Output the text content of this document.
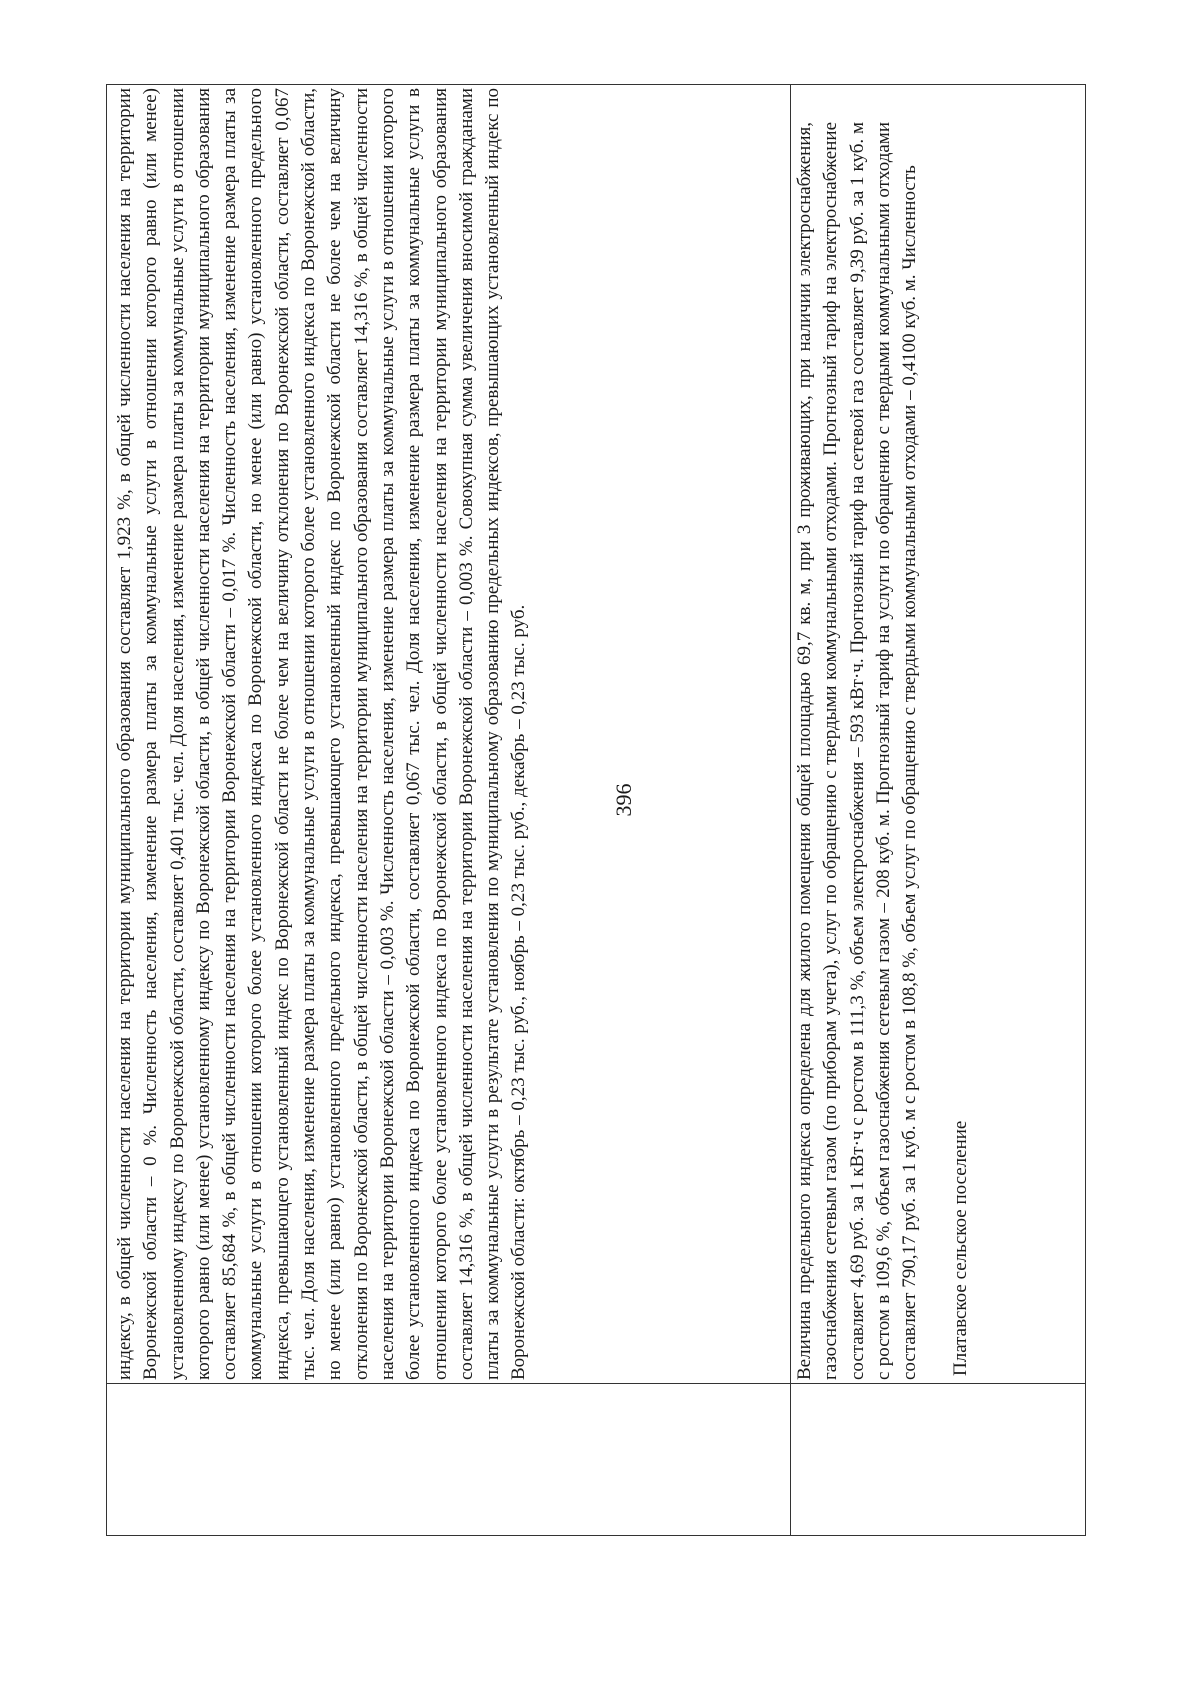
396

индексу, в общей численности населения на территории муниципального образования составляет 1,923 %, в общей численности населения на территории Воронежской области – 0 %. Численность населения, изменение размера платы за коммунальные услуги в отношении которого равно (или менее) установленному индексу по Воронежской области, составляет 0,401 тыс. чел. Доля населения, изменение размера платы за коммунальные услуги в отношении которого равно (или менее) установленному индексу по Воронежской области, в общей численности населения на территории муниципального образования составляет 85,684 %, в общей численности населения на территории Воронежской области – 0,017 %. Численность населения, изменение размера платы за коммунальные услуги в отношении которого более установленного индекса по Воронежской области, но менее (или равно) установленного предельного индекса, превышающего установленный индекс по Воронежской области не более чем на величину отклонения по Воронежской области, составляет 0,067 тыс. чел. Доля населения, изменение размера платы за коммунальные услуги в отношении которого более установленного индекса по Воронежской области, но менее (или равно) установленного предельного индекса, превышающего установленный индекс по Воронежской области не более чем на величину отклонения по Воронежской области, в общей численности населения на территории муниципального образования составляет 14,316 %, в общей численности населения на территории Воронежской области – 0,003 %. Численность населения, изменение размера платы за коммунальные услуги в отношении которого более установленного индекса по Воронежской области, составляет 0,067 тыс. чел. Доля населения, изменение размера платы за коммунальные услуги в отношении которого более установленного индекса по Воронежской области, в общей численности населения на территории муниципального образования составляет 14,316 %, в общей численности населения на территории Воронежской области – 0,003 %. Совокупная сумма увеличения вносимой гражданами платы за коммунальные услуги в результате установления по муниципальному образованию предельных индексов, превышающих установленный индекс по Воронежской области: октябрь – 0,23 тыс. руб., ноябрь – 0,23 тыс. руб., декабрь – 0,23 тыс. руб.	Платавское сельское поселение

Величина предельного индекса определена для жилого помещения общей площадью 69,7 кв. м, при 3 проживающих, при наличии электроснабжения, газоснабжения сетевым газом (по приборам учета), услуг по обращению с твердыми коммунальными отходами. Прогнозный тариф на электроснабжение составляет 4,69 руб. за 1 кВт·ч с ростом в 111,3 %, объем электроснабжения – 593 кВт·ч. Прогнозный тариф на сетевой газ составляет 9,39 руб. за 1 куб. м с ростом в 109,6 %, объем газоснабжения сетевым газом – 208 куб. м. Прогнозный тариф на услуги по обращению с твердыми коммунальными отходами составляет 790,17 руб. за 1 куб. м с ростом в 108,8 %, объем услуг по обращению с твердыми коммунальными отходами – 0,4100 куб. м. Численность
